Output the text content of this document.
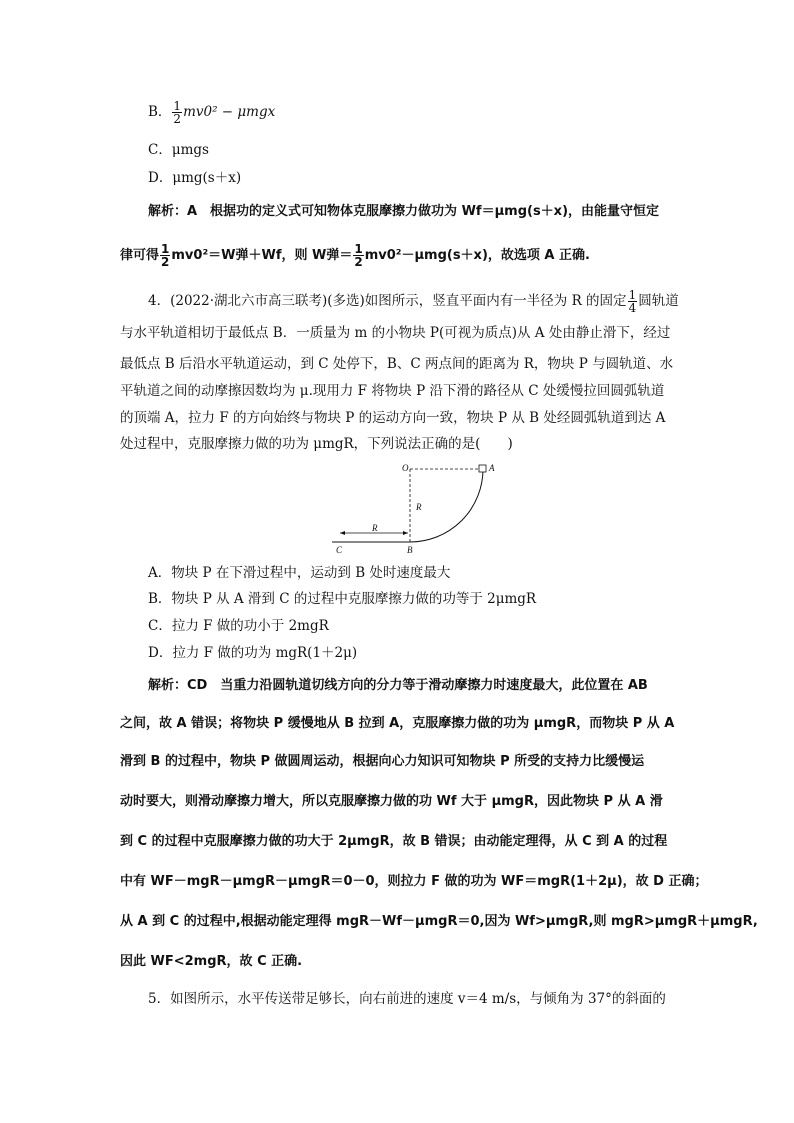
B． $\frac{1}{2} mv0^2 - \mu mgx$
C．μmgs
D．μmg(s＋x)
解析：A　根据功的定义式可知物体克服摩擦力做功为 Wf＝μmg(s＋x)，由能量守恒定
律可得 $\frac{1}{2} mv0^2=W$弹＋Wf，则 W弹＝ $\frac{1}{2} mv0^2-\mu mg(s+x)$，故选项 A 正确.
4．(2022·湖北六市高三联考)(多选)如图所示，竖直平面内有一半径为 R 的固定 $\frac{1}{4}$ 圆轨道
与水平轨道相切于最低点 B．一质量为 m 的小物块 P(可视为质点)从 A 处由静止滑下，经过
最低点 B 后沿水平轨道运动，到 C 处停下，B、C 两点间的距离为 R，物块 P 与圆轨道、水
平轨道之间的动摩擦因数均为 μ.现用力 F 将物块 P 沿下滑的路径从 C 处缓慢拉回圆弧轨道
的顶端 A，拉力 F 的方向始终与物块 P 的运动方向一致，物块 P 从 B 处经圆弧轨道到达 A
处过程中，克服摩擦力做的功为 μmgR，下列说法正确的是(　　)
O	A
R
R
C	B
A．物块 P 在下滑过程中，运动到 B 处时速度最大
B．物块 P 从 A 滑到 C 的过程中克服摩擦力做的功等于 2μmgR
C．拉力 F 做的功小于 2mgR
D．拉力 F 做的功为 mgR(1＋2μ)
解析：CD　当重力沿圆轨道切线方向的分力等于滑动摩擦力时速度最大，此位置在 AB
之间，故 A 错误；将物块 P 缓慢地从 B 拉到 A，克服摩擦力做的功为 μmgR，而物块 P 从 A
滑到 B 的过程中，物块 P 做圆周运动，根据向心力知识可知物块 P 所受的支持力比缓慢运
动时要大，则滑动摩擦力增大，所以克服摩擦力做的功 Wf 大于 μmgR，因此物块 P 从 A 滑
到 C 的过程中克服摩擦力做的功大于 2μmgR，故 B 错误；由动能定理得，从 C 到 A 的过程
中有 WF－mgR－μmgR－μmgR＝0－0，则拉力 F 做的功为 WF＝mgR(1＋2μ)，故 D 正确；
从 A 到 C 的过程中,根据动能定理得 mgR－Wf－μmgR＝0,因为 Wf>μmgR,则 mgR>μmgR＋μmgR,
因此 WF<2mgR，故 C 正确.
5．如图所示，水平传送带足够长，向右前进的速度 v＝4 m/s，与倾角为 37°的斜面的
